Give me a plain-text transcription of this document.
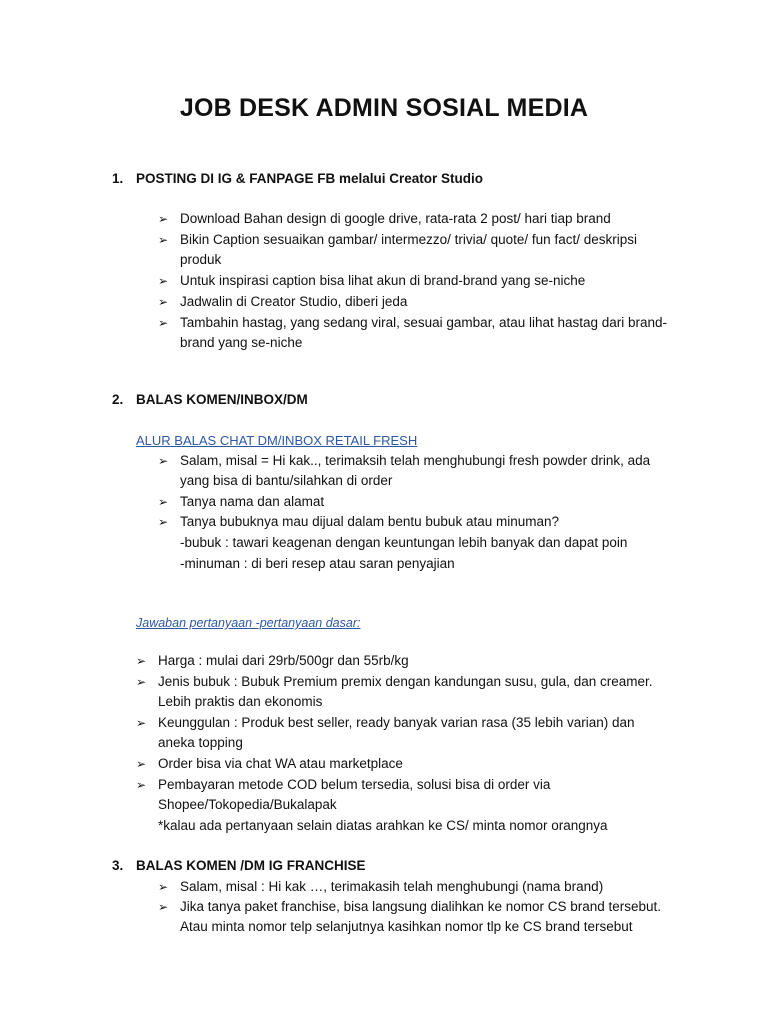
JOB DESK ADMIN SOSIAL MEDIA
1. POSTING DI IG & FANPAGE FB melalui Creator Studio
➢ Download Bahan design di google drive, rata-rata 2 post/ hari tiap brand
➢ Bikin Caption sesuaikan gambar/ intermezzo/ trivia/ quote/ fun fact/ deskripsi
produk
➢ Untuk inspirasi caption bisa lihat akun di brand-brand yang se-niche
➢ Jadwalin di Creator Studio, diberi jeda
➢ Tambahin hastag, yang sedang viral, sesuai gambar, atau lihat hastag dari brand-
brand yang se-niche
2. BALAS KOMEN/INBOX/DM
ALUR BALAS CHAT DM/INBOX RETAIL FRESH
➢ Salam, misal = Hi kak.., terimaksih telah menghubungi fresh powder drink, ada
yang bisa di bantu/silahkan di order
➢ Tanya nama dan alamat
➢ Tanya bubuknya mau dijual dalam bentu bubuk atau minuman?
-bubuk : tawari keagenan dengan keuntungan lebih banyak dan dapat poin
-minuman : di beri resep atau saran penyajian
Jawaban pertanyaan -pertanyaan dasar:
➢ Harga : mulai dari 29rb/500gr dan 55rb/kg
➢ Jenis bubuk : Bubuk Premium premix dengan kandungan susu, gula, dan creamer.
Lebih praktis dan ekonomis
➢ Keunggulan : Produk best seller, ready banyak varian rasa (35 lebih varian) dan
aneka topping
➢ Order bisa via chat WA atau marketplace
➢ Pembayaran metode COD belum tersedia, solusi bisa di order via
Shopee/Tokopedia/Bukalapak
*kalau ada pertanyaan selain diatas arahkan ke CS/ minta nomor orangnya
3. BALAS KOMEN /DM IG FRANCHISE
➢ Salam, misal : Hi kak …, terimakasih telah menghubungi (nama brand)
➢ Jika tanya paket franchise, bisa langsung dialihkan ke nomor CS brand tersebut.
Atau minta nomor telp selanjutnya kasihkan nomor tlp ke CS brand tersebut
